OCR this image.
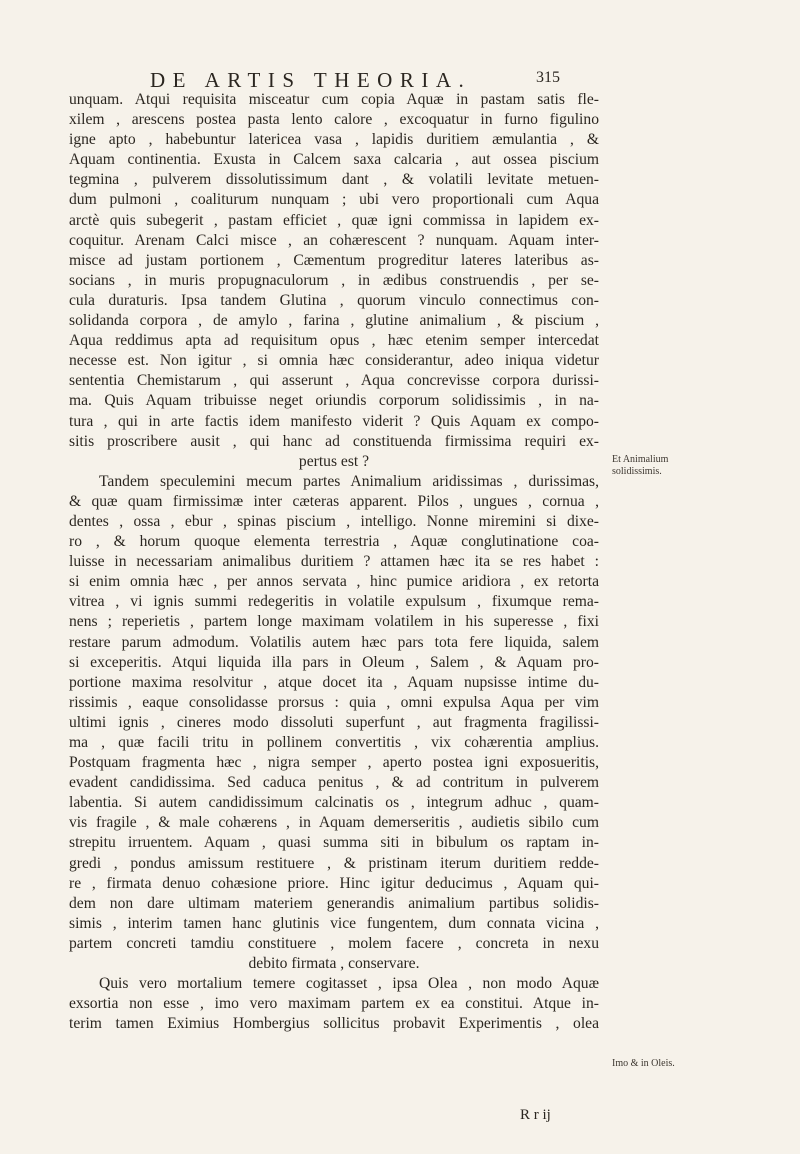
DE ARTIS THEORIA.	315
unquam. Atqui requisita misceatur cum copia Aquæ in pastam satis fle-
xilem , arescens postea pasta lento calore , excoquatur in furno figulino
igne apto , habebuntur latericea vasa , lapidis duritiem æmulantia , &
Aquam continentia. Exusta in Calcem saxa calcaria , aut ossea piscium
tegmina , pulverem dissolutissimum dant , & volatili levitate metuen-
dum pulmoni , coaliturum nunquam ; ubi vero proportionali cum Aqua
arctè quis subegerit , pastam efficiet , quæ igni commissa in lapidem ex-
coquitur. Arenam Calci misce , an cohærescent ? nunquam. Aquam inter-
misce ad justam portionem , Cæmentum progreditur lateres lateribus as-
socians , in muris propugnaculorum , in ædibus construendis , per se-
cula duraturis. Ipsa tandem Glutina , quorum vinculo connectimus con-
solidanda corpora , de amylo , farina , glutine animalium , & piscium ,
Aqua reddimus apta ad requisitum opus , hæc etenim semper intercedat
necesse est. Non igitur , si omnia hæc considerantur, adeo iniqua videtur
sententia Chemistarum , qui asserunt , Aqua concrevisse corpora durissi-
ma. Quis Aquam tribuisse neget oriundis corporum solidissimis , in na-
tura , qui in arte factis idem manifesto viderit ? Quis Aquam ex compo-
sitis proscribere ausit , qui hanc ad constituenda firmissima requiri ex-
pertus est ?
Tandem speculemini mecum partes Animalium aridissimas , durissimas,
& quæ quam firmissimæ inter cæteras apparent. Pilos , ungues , cornua ,
dentes , ossa , ebur , spinas piscium , intelligo. Nonne miremini si dixe-
ro , & horum quoque elementa terrestria , Aquæ conglutinatione coa-
luisse in necessariam animalibus duritiem ? attamen hæc ita se res habet :
si enim omnia hæc , per annos servata , hinc pumice aridiora , ex retorta
vitrea , vi ignis summi redegeritis in volatile expulsum , fixumque rema-
nens ; reperietis , partem longe maximam volatilem in his superesse , fixi
restare parum admodum. Volatilis autem hæc pars tota fere liquida, salem
si exceperitis. Atqui liquida illa pars in Oleum , Salem , & Aquam pro-
portione maxima resolvitur , atque docet ita , Aquam nupsisse intime du-
rissimis , eaque consolidasse prorsus : quia , omni expulsa Aqua per vim
ultimi ignis , cineres modo dissoluti superfunt , aut fragmenta fragilissi-
ma , quæ facili tritu in pollinem convertitis , vix cohærentia amplius.
Postquam fragmenta hæc , nigra semper , aperto postea igni exposueritis,
evadent candidissima. Sed caduca penitus , & ad contritum in pulverem
labentia. Si autem candidissimum calcinatis os , integrum adhuc , quam-
vis fragile , & male cohærens , in Aquam demerseritis , audietis sibilo cum
strepitu irruentem. Aquam , quasi summa siti in bibulum os raptam in-
gredi , pondus amissum restituere , & pristinam iterum duritiem redde-
re , firmata denuo cohæsione priore. Hinc igitur deducimus , Aquam qui-
dem non dare ultimam materiem generandis animalium partibus solidis-
simis , interim tamen hanc glutinis vice fungentem, dum connata vicina ,
partem concreti tamdiu constituere , molem facere , concreta in nexu
debito firmata , conservare.
Quis vero mortalium temere cogitasset , ipsa Olea , non modo Aquæ
exsortia non esse , imo vero maximam partem ex ea constitui. Atque in-
terim tamen Eximius Hombergius sollicitus probavit Experimentis , olea
Et Animalium solidissimis.
Imo & in Oleis.
R r ij
